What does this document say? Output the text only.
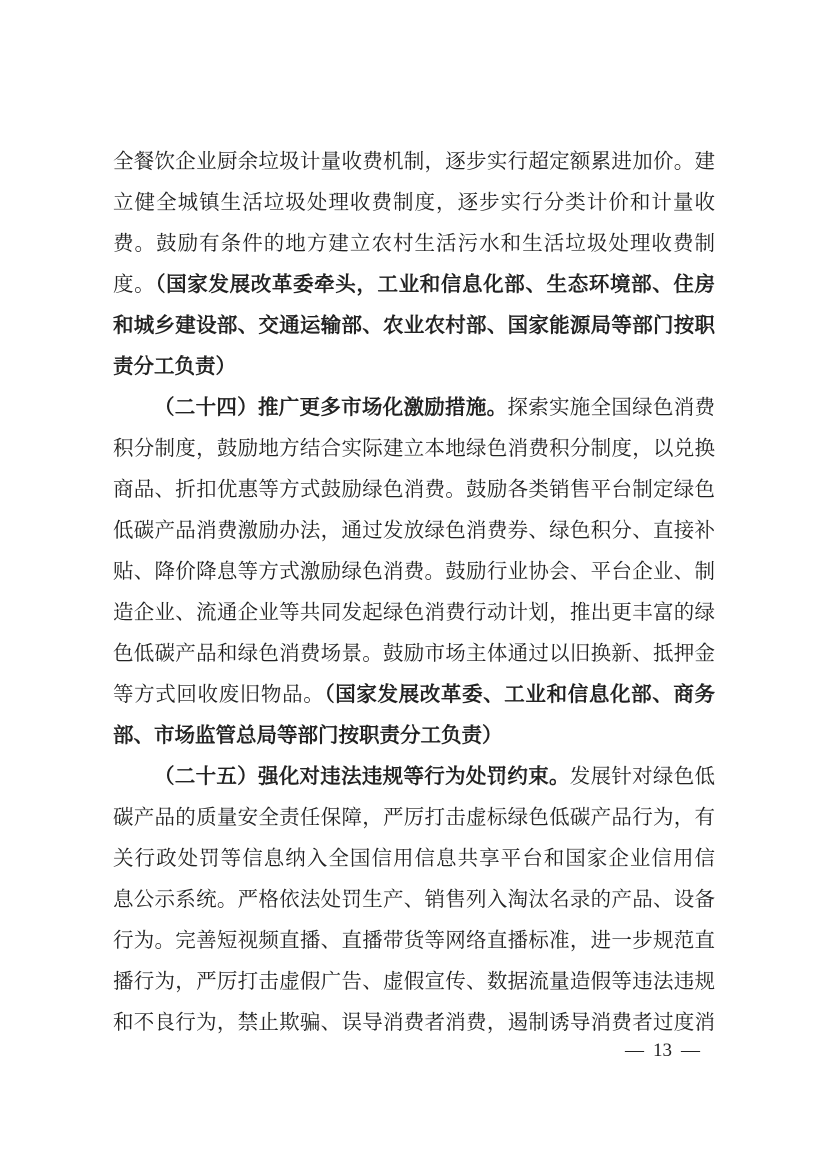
全餐饮企业厨余垃圾计量收费机制，逐步实行超定额累进加价。建
立健全城镇生活垃圾处理收费制度，逐步实行分类计价和计量收
费。鼓励有条件的地方建立农村生活污水和生活垃圾处理收费制
度。（国家发展改革委牵头，工业和信息化部、生态环境部、住房
和城乡建设部、交通运输部、农业农村部、国家能源局等部门按职
责分工负责）
（二十四）推广更多市场化激励措施。探索实施全国绿色消费
积分制度，鼓励地方结合实际建立本地绿色消费积分制度，以兑换
商品、折扣优惠等方式鼓励绿色消费。鼓励各类销售平台制定绿色
低碳产品消费激励办法，通过发放绿色消费券、绿色积分、直接补
贴、降价降息等方式激励绿色消费。鼓励行业协会、平台企业、制
造企业、流通企业等共同发起绿色消费行动计划，推出更丰富的绿
色低碳产品和绿色消费场景。鼓励市场主体通过以旧换新、抵押金
等方式回收废旧物品。（国家发展改革委、工业和信息化部、商务
部、市场监管总局等部门按职责分工负责）
（二十五）强化对违法违规等行为处罚约束。发展针对绿色低
碳产品的质量安全责任保障，严厉打击虚标绿色低碳产品行为，有
关行政处罚等信息纳入全国信用信息共享平台和国家企业信用信
息公示系统。严格依法处罚生产、销售列入淘汰名录的产品、设备
行为。完善短视频直播、直播带货等网络直播标准，进一步规范直
播行为，严厉打击虚假广告、虚假宣传、数据流量造假等违法违规
和不良行为，禁止欺骗、误导消费者消费，遏制诱导消费者过度消
— 13 —
